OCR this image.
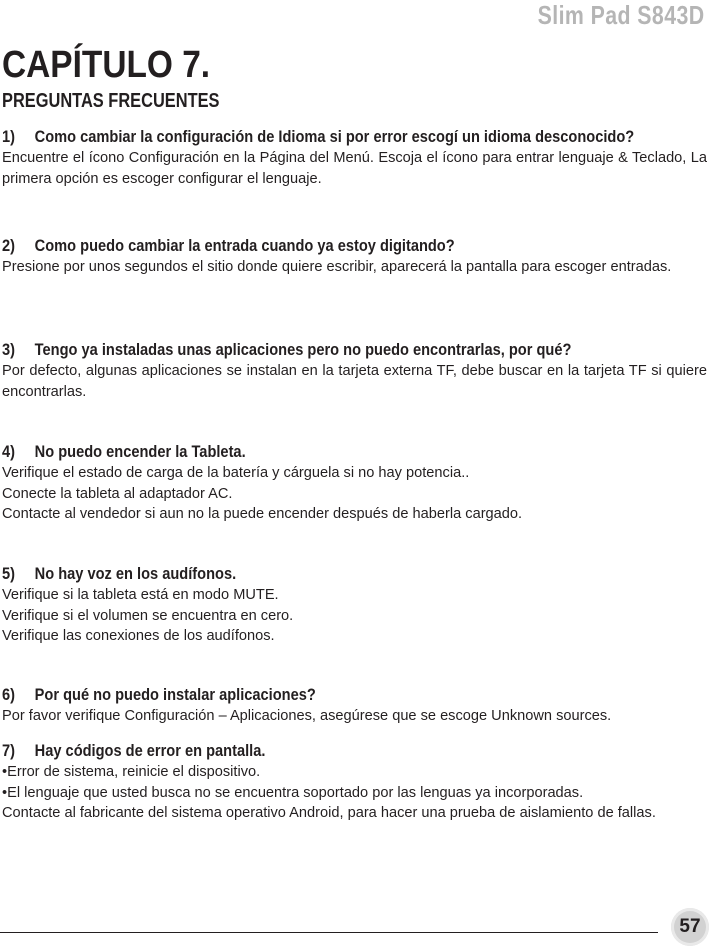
Slim Pad S843D
CAPÍTULO 7.
PREGUNTAS FRECUENTES
1) Como cambiar la configuración de Idioma si por error escogí un idioma desconocido?

Encuentre el ícono Configuración en la Página del Menú. Escoja el ícono para entrar lenguaje & Teclado, La primera opción es escoger configurar el lenguaje.

2) Como puedo cambiar la entrada cuando ya estoy digitando?

Presione por unos segundos el sitio donde quiere escribir, aparecerá la pantalla para escoger entradas.

3) Tengo ya instaladas unas aplicaciones pero no puedo encontrarlas, por qué?

Por defecto, algunas aplicaciones se instalan en la tarjeta externa TF, debe buscar en la tarjeta TF si quiere encontrarlas.

4) No puedo encender la Tableta.

Verifique el estado de carga de la batería y cárguela si no hay potencia..

Conecte la tableta al adaptador AC.

Contacte al vendedor si aun no la puede encender después de haberla cargado.

5) No hay voz en los audífonos.

Verifique si la tableta está en modo MUTE.

Verifique si el volumen se encuentra en cero.

Verifique las conexiones de los audífonos.

6) Por qué no puedo instalar aplicaciones?

Por favor verifique Configuración – Aplicaciones, asegúrese que se escoge Unknown sources.

7) Hay códigos de error en pantalla.

•Error de sistema, reinicie el dispositivo.

•El lenguaje que usted busca no se encuentra soportado por las lenguas ya incorporadas.

Contacte al fabricante del sistema operativo Android, para hacer una prueba de aislamiento de fallas.

57
